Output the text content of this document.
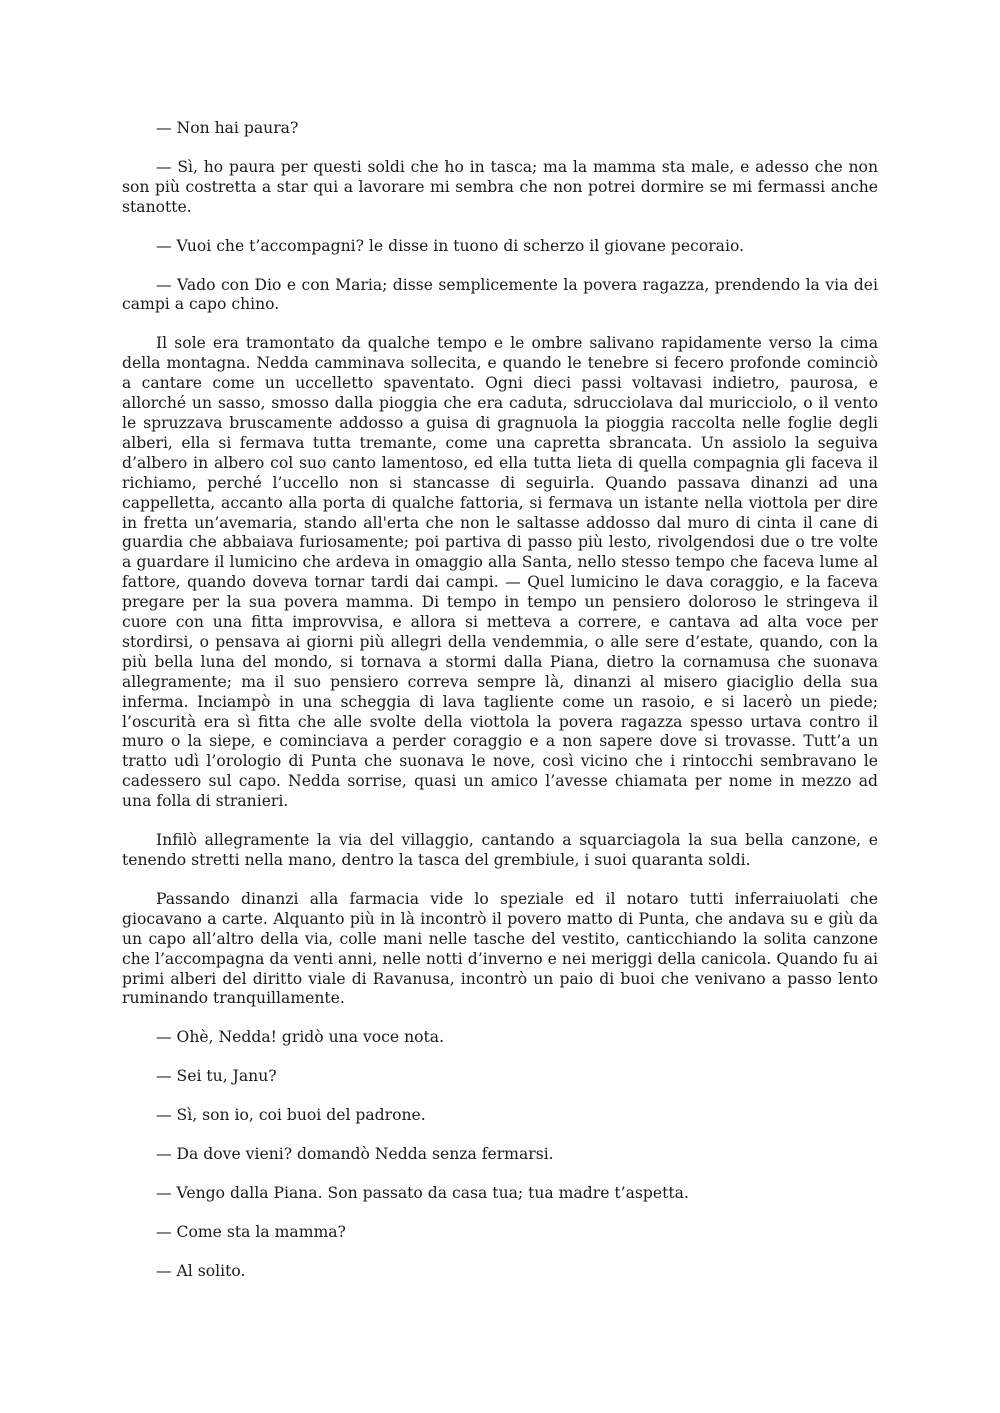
— Non hai paura?

— Sì, ho paura per questi soldi che ho in tasca; ma la mamma sta male, e adesso che non son più costretta a star qui a lavorare mi sembra che non potrei dormire se mi fermassi anche stanotte.

— Vuoi che t’accompagni? le disse in tuono di scherzo il giovane pecoraio.

— Vado con Dio e con Maria; disse semplicemente la povera ragazza, prendendo la via dei campi a capo chino.

Il sole era tramontato da qualche tempo e le ombre salivano rapidamente verso la cima della montagna. Nedda camminava sollecita, e quando le tenebre si fecero profonde cominciò a cantare come un uccelletto spaventato. Ogni dieci passi voltavasi indietro, paurosa, e allorché un sasso, smosso dalla pioggia che era caduta, sdrucciolava dal muricciolo, o il vento le spruzzava bruscamente addosso a guisa di gragnuola la pioggia raccolta nelle foglie degli alberi, ella si fermava tutta tremante, come una capretta sbrancata. Un assiolo la seguiva d’albero in albero col suo canto lamentoso, ed ella tutta lieta di quella compagnia gli faceva il richiamo, perché l’uccello non si stancasse di seguirla. Quando passava dinanzi ad una cappelletta, accanto alla porta di qualche fattoria, si fermava un istante nella viottola per dire in fretta un’avemaria, stando all'erta che non le saltasse addosso dal muro di cinta il cane di guardia che abbaiava furiosamente; poi partiva di passo più lesto, rivolgendosi due o tre volte a guardare il lumicino che ardeva in omaggio alla Santa, nello stesso tempo che faceva lume al fattore, quando doveva tornar tardi dai campi. — Quel lumicino le dava coraggio, e la faceva pregare per la sua povera mamma. Di tempo in tempo un pensiero doloroso le stringeva il cuore con una fitta improvvisa, e allora si metteva a correre, e cantava ad alta voce per stordirsi, o pensava ai giorni più allegri della vendemmia, o alle sere d’estate, quando, con la più bella luna del mondo, si tornava a stormi dalla Piana, dietro la cornamusa che suonava allegramente; ma il suo pensiero correva sempre là, dinanzi al misero giaciglio della sua inferma. Inciampò in una scheggia di lava tagliente come un rasoio, e si lacerò un piede; l’oscurità era sì fitta che alle svolte della viottola la povera ragazza spesso urtava contro il muro o la siepe, e cominciava a perder coraggio e a non sapere dove si trovasse. Tutt’a un tratto udì l’orologio di Punta che suonava le nove, così vicino che i rintocchi sembravano le cadessero sul capo. Nedda sorrise, quasi un amico l’avesse chiamata per nome in mezzo ad una folla di stranieri.

Infilò allegramente la via del villaggio, cantando a squarciagola la sua bella canzone, e tenendo stretti nella mano, dentro la tasca del grembiule, i suoi quaranta soldi.

Passando dinanzi alla farmacia vide lo speziale ed il notaro tutti inferraiuolati che giocavano a carte. Alquanto più in là incontrò il povero matto di Punta, che andava su e giù da un capo all’altro della via, colle mani nelle tasche del vestito, canticchiando la solita canzone che l’accompagna da venti anni, nelle notti d’inverno e nei meriggi della canicola. Quando fu ai primi alberi del diritto viale di Ravanusa, incontrò un paio di buoi che venivano a passo lento ruminando tranquillamente.

— Ohè, Nedda! gridò una voce nota.

— Sei tu, Janu?

— Sì, son io, coi buoi del padrone.

— Da dove vieni? domandò Nedda senza fermarsi.

— Vengo dalla Piana. Son passato da casa tua; tua madre t’aspetta.

— Come sta la mamma?

— Al solito.
